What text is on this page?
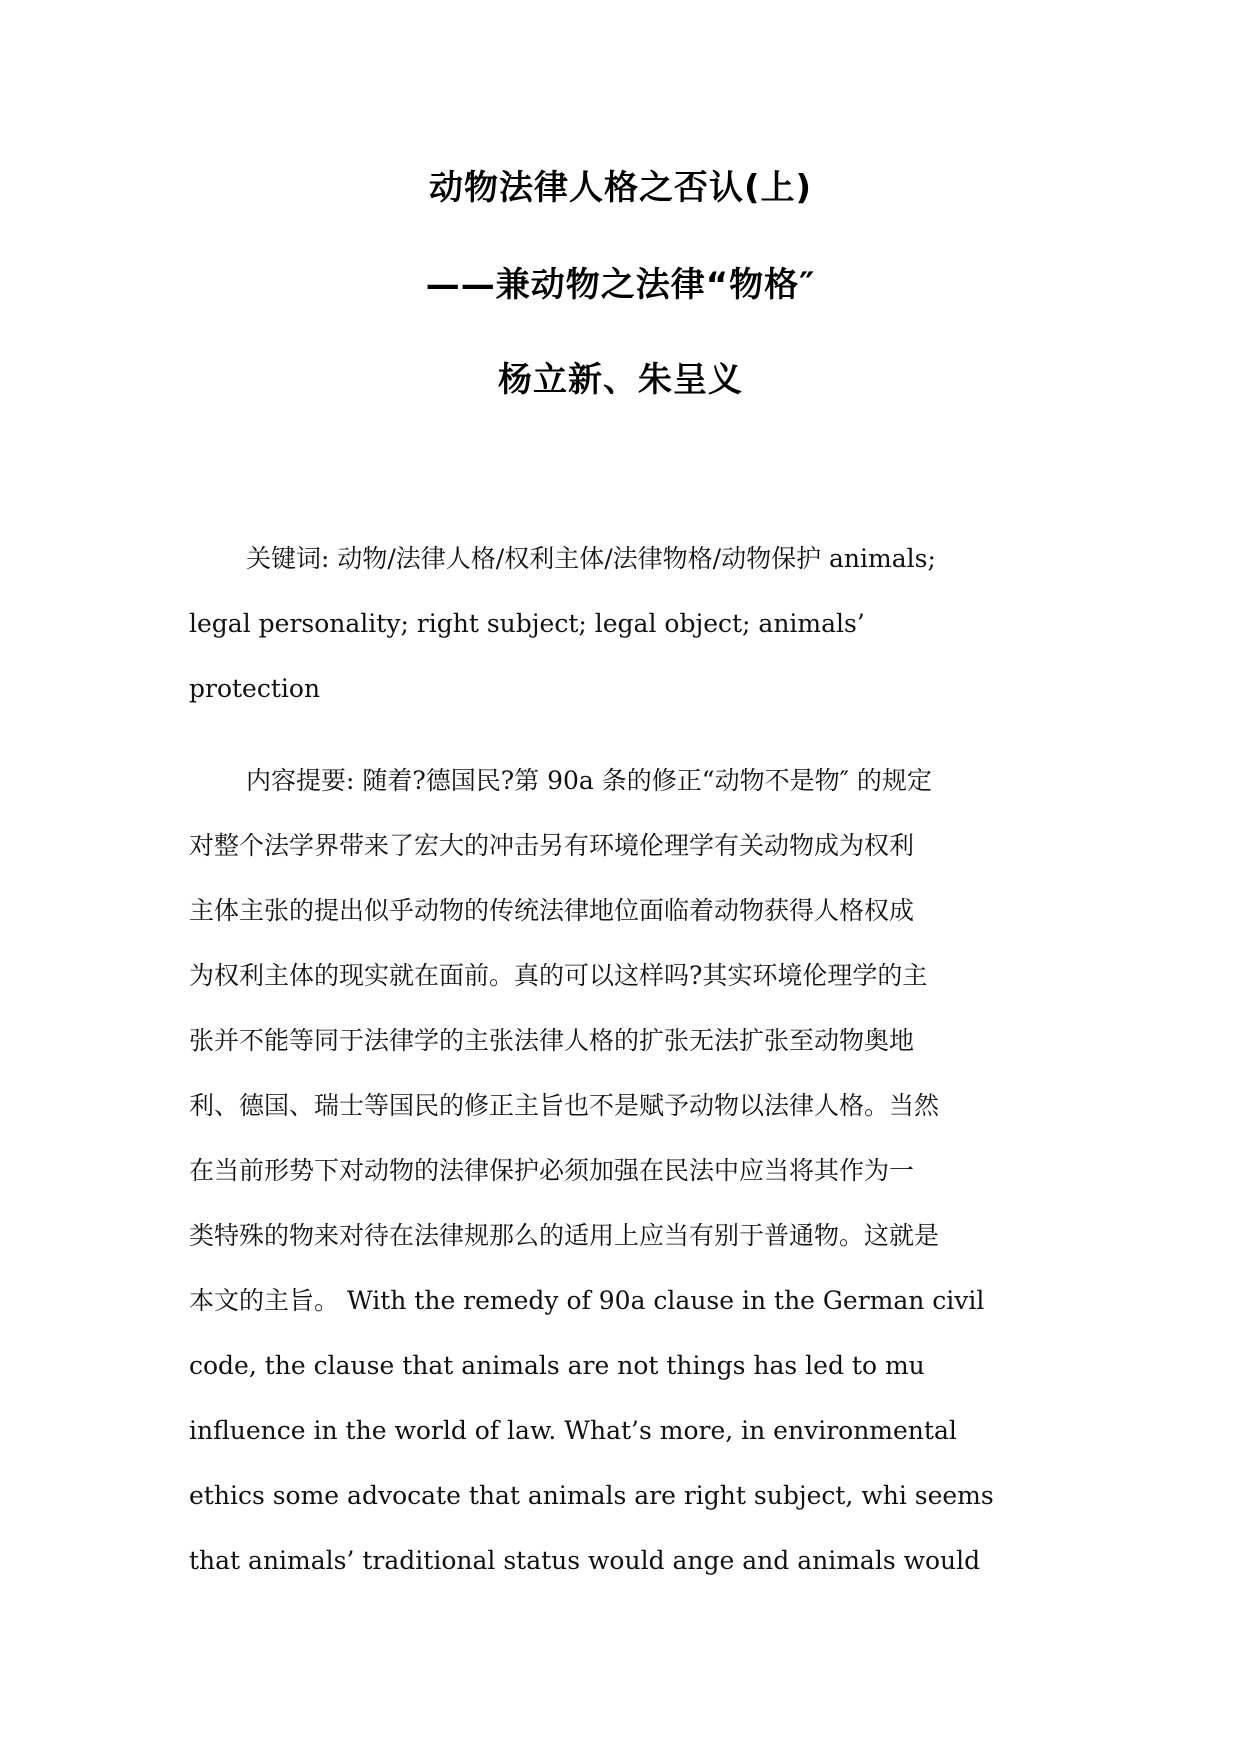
动物法律人格之否认(上)
——兼动物之法律“物格″
杨立新、朱呈义
关键词: 动物/法律人格/权利主体/法律物格/动物保护 animals;
legal personality; right subject; legal object; animals’
protection
内容提要: 随着?德国民?第 90a 条的修正“动物不是物″ 的规定
对整个法学界带来了宏大的冲击另有环境伦理学有关动物成为权利
主体主张的提出似乎动物的传统法律地位面临着动物获得人格权成
为权利主体的现实就在面前。真的可以这样吗?其实环境伦理学的主
张并不能等同于法律学的主张法律人格的扩张无法扩张至动物奥地
利、德国、瑞士等国民的修正主旨也不是赋予动物以法律人格。当然
在当前形势下对动物的法律保护必须加强在民法中应当将其作为一
类特殊的物来对待在法律规那么的适用上应当有别于普通物。这就是
本文的主旨。 With the remedy of 90a clause in the German civil
code, the clause that animals are not things has led to mu
influence in the world of law. What’s more, in environmental
ethics some advocate that animals are right subject, whi seems
that animals’ traditional status would ange and animals would
